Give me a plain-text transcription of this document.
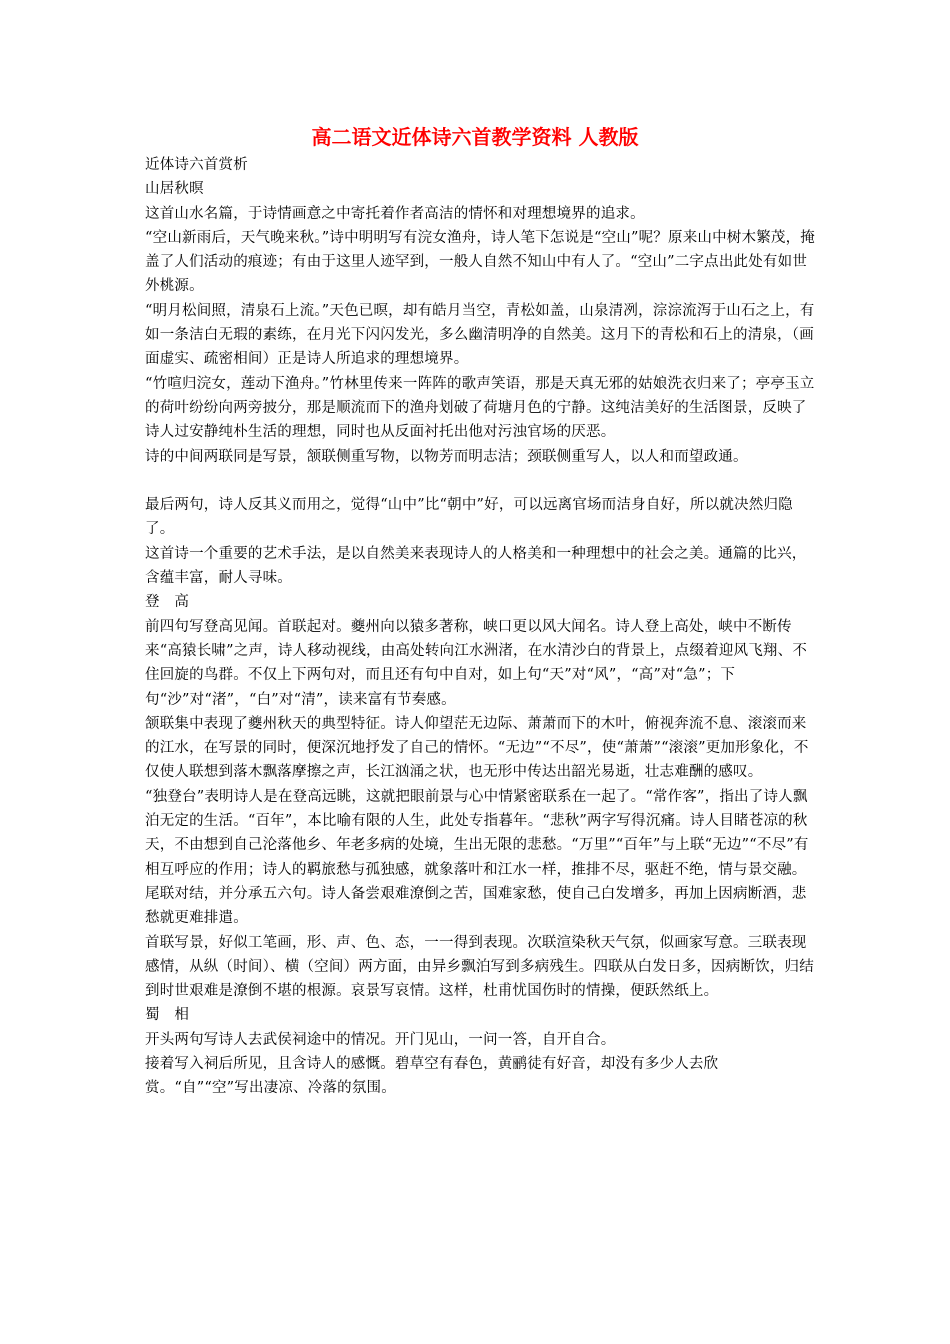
高二语文近体诗六首教学资料 人教版

近体诗六首赏析

山居秋暝

这首山水名篇，于诗情画意之中寄托着作者高洁的情怀和对理想境界的追求。

“空山新雨后，天气晚来秋。”诗中明明写有浣女渔舟，诗人笔下怎说是“空山”呢？原来山中树木繁茂，掩盖了人们活动的痕迹；有由于这里人迹罕到，一般人自然不知山中有人了。“空山”二字点出此处有如世外桃源。

“明月松间照，清泉石上流。”天色已暝，却有皓月当空，青松如盖，山泉清冽，淙淙流泻于山石之上，有如一条洁白无瑕的素练，在月光下闪闪发光，多么幽清明净的自然美。这月下的青松和石上的清泉，（画面虚实、疏密相间）正是诗人所追求的理想境界。

“竹喧归浣女，莲动下渔舟。”竹林里传来一阵阵的歌声笑语，那是天真无邪的姑娘洗衣归来了；亭亭玉立的荷叶纷纷向两旁披分，那是顺流而下的渔舟划破了荷塘月色的宁静。这纯洁美好的生活图景，反映了诗人过安静纯朴生活的理想，同时也从反面衬托出他对污浊官场的厌恶。

诗的中间两联同是写景，颔联侧重写物，以物芳而明志洁；颈联侧重写人，以人和而望政通。

最后两句，诗人反其义而用之，觉得“山中”比“朝中”好，可以远离官场而洁身自好，所以就决然归隐了。

这首诗一个重要的艺术手法，是以自然美来表现诗人的人格美和一种理想中的社会之美。通篇的比兴，含蕴丰富，耐人寻味。

登　高

前四句写登高见闻。首联起对。夔州向以猿多著称，峡口更以风大闻名。诗人登上高处，峡中不断传来“高猿长啸”之声，诗人移动视线，由高处转向江水洲渚，在水清沙白的背景上，点缀着迎风飞翔、不住回旋的鸟群。不仅上下两句对，而且还有句中自对，如上句“天”对“风”，“高”对“急”；下句“沙”对“渚”，“白”对“清”，读来富有节奏感。

颔联集中表现了夔州秋天的典型特征。诗人仰望茫无边际、萧萧而下的木叶，俯视奔流不息、滚滚而来的江水，在写景的同时，便深沉地抒发了自己的情怀。“无边”“不尽”，使“萧萧”“滚滚”更加形象化，不仅使人联想到落木飘落摩擦之声，长江汹涌之状，也无形中传达出韶光易逝，壮志难酬的感叹。

“独登台”表明诗人是在登高远眺，这就把眼前景与心中情紧密联系在一起了。“常作客”，指出了诗人飘泊无定的生活。“百年”，本比喻有限的人生，此处专指暮年。“悲秋”两字写得沉痛。诗人目睹苍凉的秋天，不由想到自己沦落他乡、年老多病的处境，生出无限的悲愁。“万里”“百年”与上联“无边”“不尽”有相互呼应的作用；诗人的羁旅愁与孤独感，就象落叶和江水一样，推排不尽，驱赶不绝，情与景交融。

尾联对结，并分承五六句。诗人备尝艰难潦倒之苦，国难家愁，使自己白发增多，再加上因病断酒，悲愁就更难排遣。

首联写景，好似工笔画，形、声、色、态，一一得到表现。次联渲染秋天气氛，似画家写意。三联表现感情，从纵（时间）、横（空间）两方面，由异乡飘泊写到多病残生。四联从白发日多，因病断饮，归结到时世艰难是潦倒不堪的根源。哀景写哀情。这样，杜甫忧国伤时的情操，便跃然纸上。

蜀　相

开头两句写诗人去武侯祠途中的情况。开门见山，一问一答，自开自合。

接着写入祠后所见，且含诗人的感慨。碧草空有春色，黄鹂徒有好音，却没有多少人去欣赏。“自”“空”写出凄凉、冷落的氛围。
